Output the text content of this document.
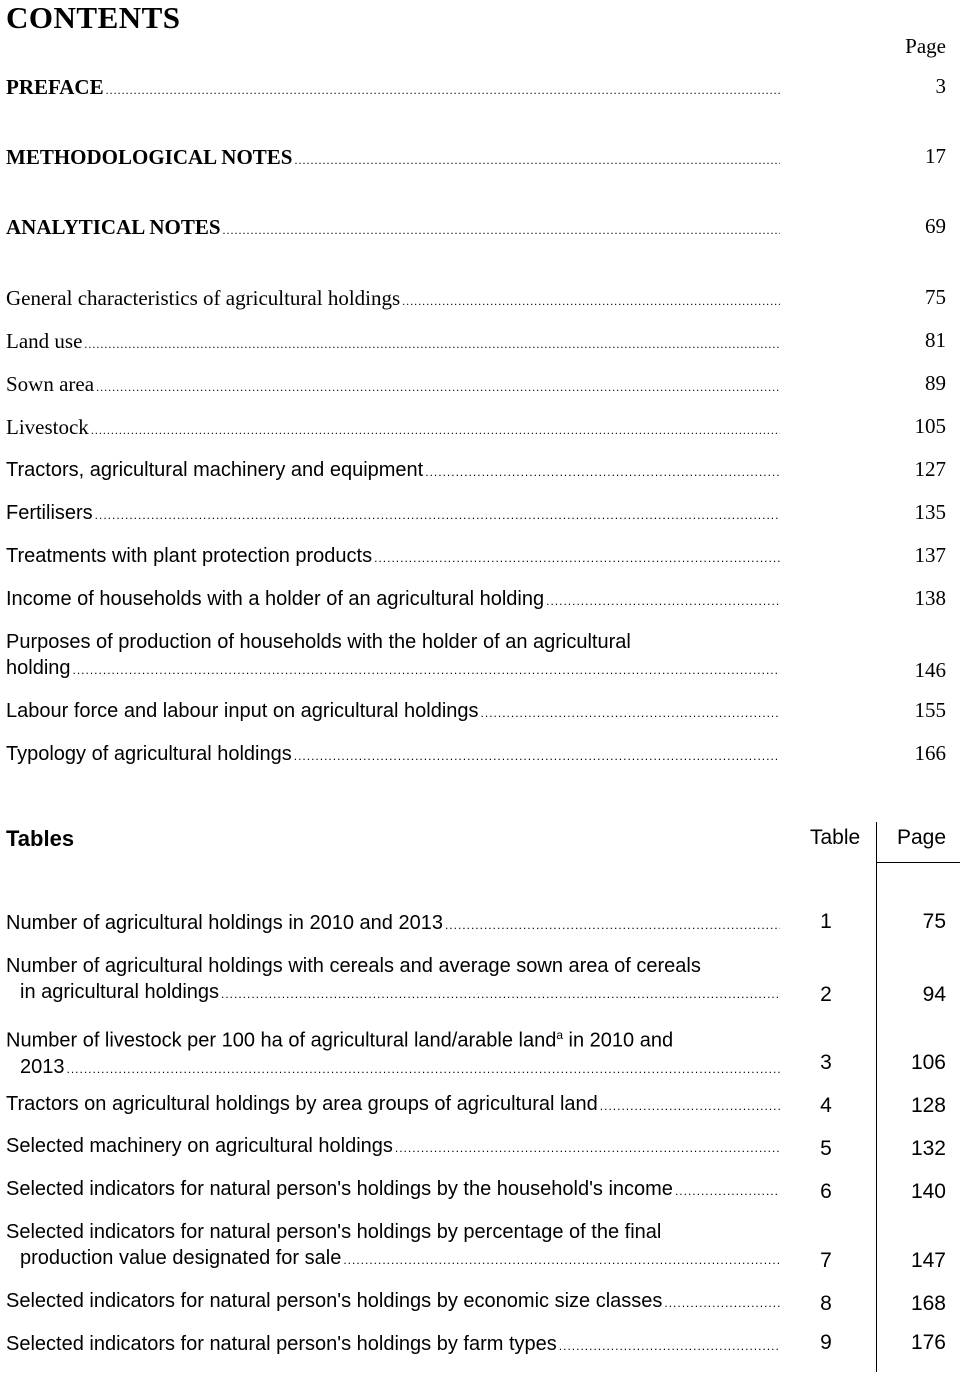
CONTENTS
Page
PREFACE .....	3
METHODOLOGICAL NOTES .....	17
ANALYTICAL NOTES .....	69
General characteristics of agricultural holdings .....	75
Land use .....	81
Sown area .....	89
Livestock .....	105
Tractors, agricultural machinery and equipment .....	127
Fertilisers .....	135
Treatments with plant protection products .....	137
Income of households with a holder of an agricultural holding .....	138
Purposes of production of households with the holder of an agricultural
holding .....	146
Labour force and labour input on agricultural holdings .....	155
Typology of agricultural holdings .....	166
Tables	Table Page
Number of agricultural holdings in 2010 and 2013 .....	1	75
Number of agricultural holdings with cereals and average sown area of cereals
in agricultural holdings .....	2	94
Number of livestock per 100 ha of agricultural land/arable land$^a$ in 2010 and
2013 .....	3	106
Tractors on agricultural holdings by area groups of agricultural land .....	4	128
Selected machinery on agricultural holdings .....	5	132
Selected indicators for natural person's holdings by the household's income .....	6	140
Selected indicators for natural person's holdings by percentage of the final
production value designated for sale .....	7	147
Selected indicators for natural person's holdings by economic size classes .....	8	168
Selected indicators for natural person's holdings by farm types .....	9	176
